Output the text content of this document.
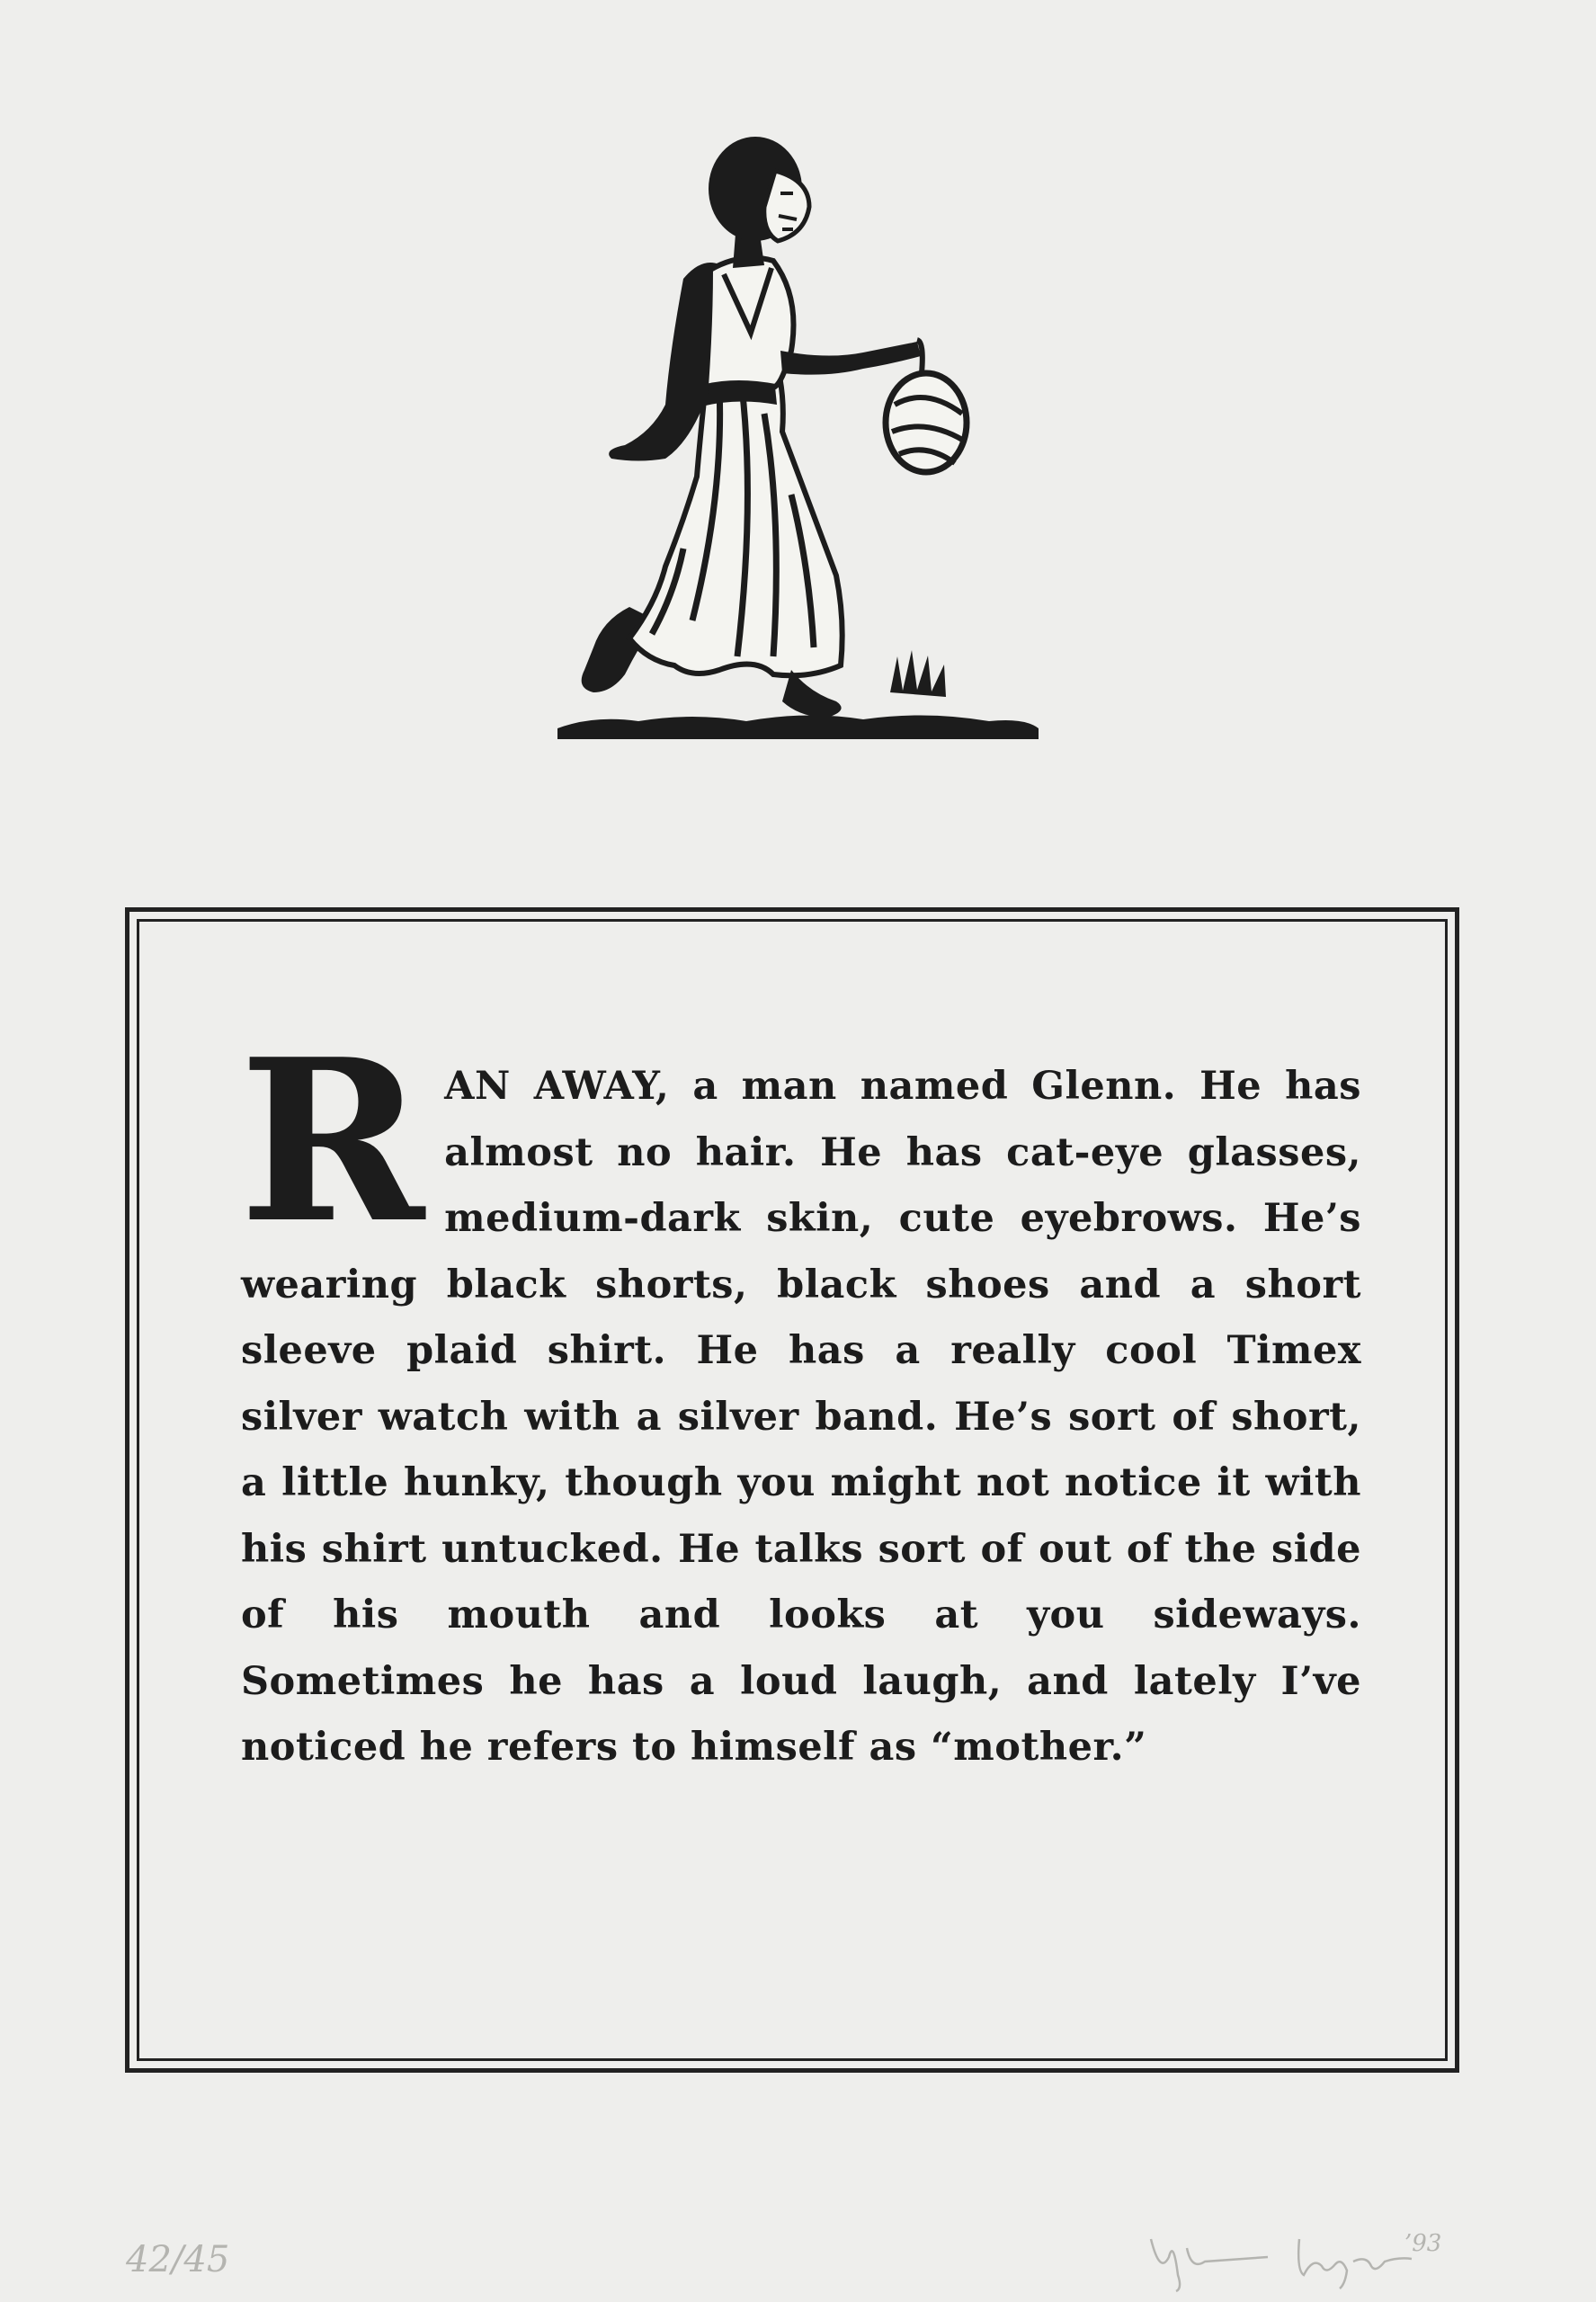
R AN AWAY, a man named Glenn. He has almost no hair. He has cat-eye glasses, medium-dark skin, cute eyebrows. He’s wearing black shorts, black shoes and a short sleeve plaid shirt. He has a really cool Timex silver watch with a silver band. He’s sort of short, a little hunky, though you might not notice it with his shirt untucked. He talks sort of out of the side of his mouth and looks at you sideways. Sometimes he has a loud laugh, and lately I’ve noticed he refers to himself as “mother.”

42/45	’93
